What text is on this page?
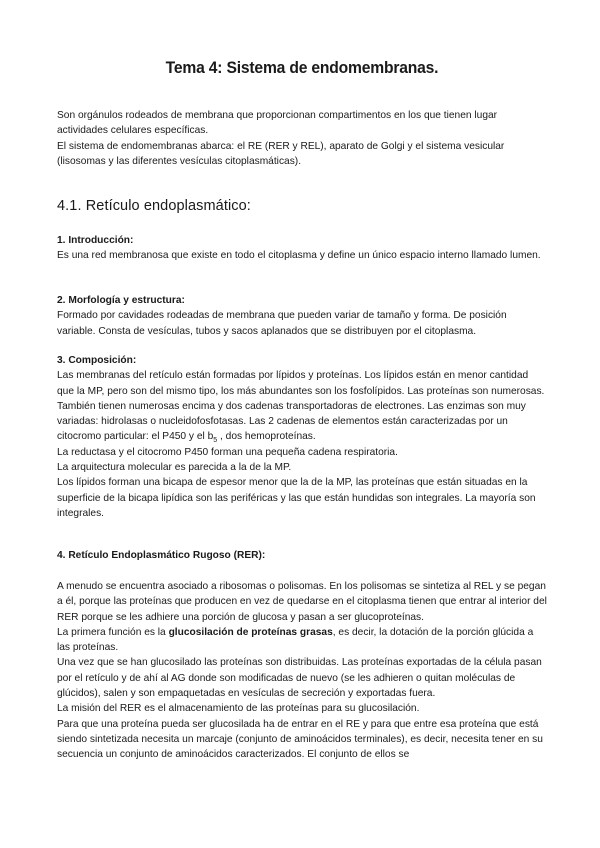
Tema 4: Sistema de endomembranas.

Son orgánulos rodeados de membrana que proporcionan compartimentos en los que tienen lugar actividades celulares específicas.

El sistema de endomembranas abarca: el RE (RER y REL), aparato de Golgi y el sistema vesicular (lisosomas y las diferentes vesículas citoplasmáticas).

4.1. Retículo endoplasmático:

1. Introducción:

Es una red membranosa que existe en todo el citoplasma y define un único espacio interno llamado lumen.

2. Morfología y estructura:

Formado por cavidades rodeadas de membrana que pueden variar de tamaño y forma. De posición variable. Consta de vesículas, tubos y sacos aplanados que se distribuyen por el citoplasma.

3. Composición:

Las membranas del retículo están formadas por lípidos y proteínas. Los lípidos están en menor cantidad que la MP, pero son del mismo tipo, los más abundantes son los fosfolípidos. Las proteínas son numerosas.

También tienen numerosas encima y dos cadenas transportadoras de electrones. Las enzimas son muy variadas: hidrolasas o nucleidofosfotasas. Las 2 cadenas de elementos están caracterizadas por un citocromo particular: el P450 y el $b_5$ , dos hemoproteínas.

La reductasa y el citocromo P450 forman una pequeña cadena respiratoria.

La arquitectura molecular es parecida a la de la MP.

Los lípidos forman una bicapa de espesor menor que la de la MP, las proteínas que están situadas en la superficie de la bicapa lipídica son las periféricas y las que están hundidas son integrales. La mayoría son integrales.

4. Retículo Endoplasmático Rugoso (RER):

A menudo se encuentra asociado a ribosomas o polisomas. En los polisomas se sintetiza al REL y se pegan a él, porque las proteínas que producen en vez de quedarse en el citoplasma tienen que entrar al interior del RER porque se les adhiere una porción de glucosa y pasan a ser glucoproteínas.

La primera función es la glucosilación de proteínas grasas, es decir, la dotación de la porción glúcida a las proteínas.

Una vez que se han glucosilado las proteínas son distribuidas. Las proteínas exportadas de la célula pasan por el retículo y de ahí al AG donde son modificadas de nuevo (se les adhieren o quitan moléculas de glúcidos), salen y son empaquetadas en vesículas de secreción y exportadas fuera.

La misión del RER es el almacenamiento de las proteínas para su glucosilación.

Para que una proteína pueda ser glucosilada ha de entrar en el RE y para que entre esa proteína que está siendo sintetizada necesita un marcaje (conjunto de aminoácidos terminales), es decir, necesita tener en su secuencia un conjunto de aminoácidos caracterizados. El conjunto de ellos se
